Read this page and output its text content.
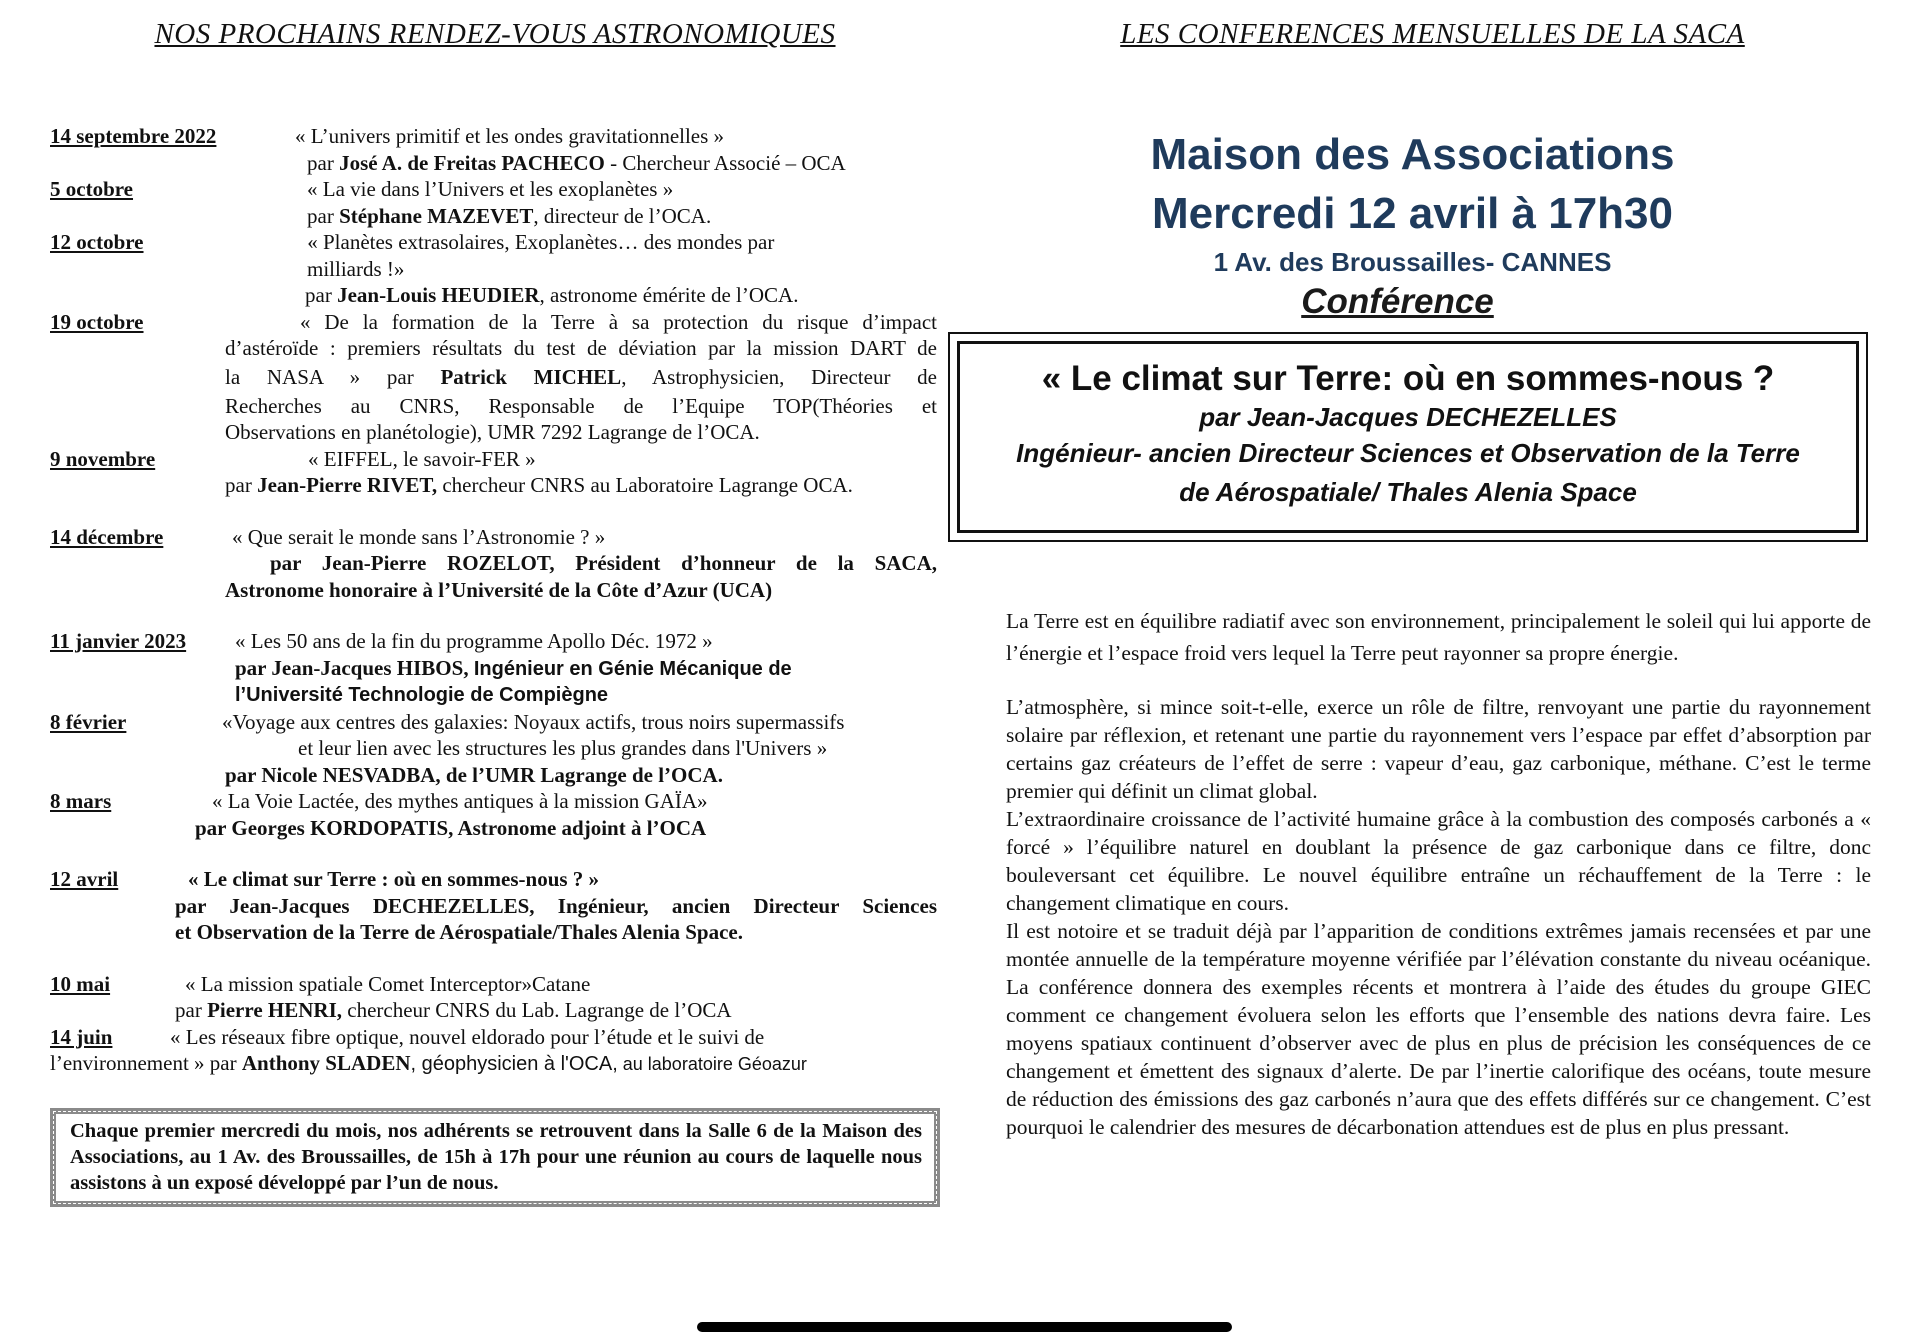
NOS PROCHAINS RENDEZ-VOUS ASTRONOMIQUES
14 septembre 2022	« L’univers primitif et les ondes gravitationnelles »
par José A. de Freitas PACHECO - Chercheur Associé – OCA
5 octobre	« La vie dans l’Univers et les exoplanètes »
par Stéphane MAZEVET, directeur de l’OCA.
12 octobre	« Planètes extrasolaires, Exoplanètes… des mondes par
milliards !»
par Jean-Louis HEUDIER, astronome émérite de l’OCA.
19 octobre	« De la formation de la Terre à sa protection du risque d’impact
d’astéroïde : premiers résultats du test de déviation par la mission DART de
la NASA » par Patrick MICHEL, Astrophysicien, Directeur de
Recherches au CNRS, Responsable de l’Equipe TOP(Théories et
Observations en planétologie), UMR 7292 Lagrange de l’OCA.
9 novembre	« EIFFEL, le savoir-FER »
par Jean-Pierre RIVET, chercheur CNRS au Laboratoire Lagrange OCA.
14 décembre	« Que serait le monde sans l’Astronomie ? »
par Jean-Pierre ROZELOT, Président d’honneur de la SACA,
Astronome honoraire à l’Université de la Côte d’Azur (UCA)
11 janvier 2023 « Les 50 ans de la fin du programme Apollo Déc. 1972 »
par Jean-Jacques HIBOS, Ingénieur en Génie Mécanique de
l’Université Technologie de Compiègne
8 février	«Voyage aux centres des galaxies: Noyaux actifs, trous noirs supermassifs
et leur lien avec les structures les plus grandes dans l'Univers »
par Nicole NESVADBA, de l’UMR Lagrange de l’OCA.
8 mars	« La Voie Lactée, des mythes antiques à la mission GAÏA»
par Georges KORDOPATIS, Astronome adjoint à l’OCA
12 avril	« Le climat sur Terre : où en sommes-nous ? »
par Jean-Jacques DECHEZELLES, Ingénieur, ancien Directeur Sciences
et Observation de la Terre de Aérospatiale/Thales Alenia Space.
10 mai	« La mission spatiale Comet Interceptor»Catane
par Pierre HENRI, chercheur CNRS du Lab. Lagrange de l’OCA
14 juin	« Les réseaux fibre optique, nouvel eldorado pour l’étude et le suivi de
l’environnement » par Anthony SLADEN, géophysicien à l'OCA, au laboratoire Géoazur
Chaque premier mercredi du mois, nos adhérents se retrouvent dans la Salle 6 de la Maison des Associations, au 1 Av. des Broussailles, de 15h à 17h pour une réunion au cours de laquelle nous assistons à un exposé développé par l’un de nous.
LES CONFERENCES MENSUELLES DE LA SACA
Maison des Associations
Mercredi 12 avril à 17h30
1 Av. des Broussailles- CANNES
Conférence
« Le climat sur Terre: où en sommes-nous ?
par Jean-Jacques DECHEZELLES
Ingénieur- ancien Directeur Sciences et Observation de la Terre
de Aérospatiale/ Thales Alenia Space

La Terre est en équilibre radiatif avec son environnement, principalement le soleil qui lui apporte de l’énergie et l’espace froid vers lequel la Terre peut rayonner sa propre énergie.

L’atmosphère, si mince soit-t-elle, exerce un rôle de filtre, renvoyant une partie du rayonnement solaire par réflexion, et retenant une partie du rayonnement vers l’espace par effet d’absorption par certains gaz créateurs de l’effet de serre : vapeur d’eau, gaz carbonique, méthane. C’est le terme premier qui définit un climat global.

L’extraordinaire croissance de l’activité humaine grâce à la combustion des composés carbonés a « forcé » l’équilibre naturel en doublant la présence de gaz carbonique dans ce filtre, donc bouleversant cet équilibre. Le nouvel équilibre entraîne un réchauffement de la Terre : le changement climatique en cours.

Il est notoire et se traduit déjà par l’apparition de conditions extrêmes jamais recensées et par une montée annuelle de la température moyenne vérifiée par l’élévation constante du niveau océanique. La conférence donnera des exemples récents et montrera à l’aide des études du groupe GIEC comment ce changement évoluera selon les efforts que l’ensemble des nations devra faire. Les moyens spatiaux continuent d’observer avec de plus en plus de précision les conséquences de ce changement et émettent des signaux d’alerte. De par l’inertie calorifique des océans, toute mesure de réduction des émissions des gaz carbonés n’aura que des effets différés sur ce changement. C’est pourquoi le calendrier des mesures de décarbonation attendues est de plus en plus pressant.
